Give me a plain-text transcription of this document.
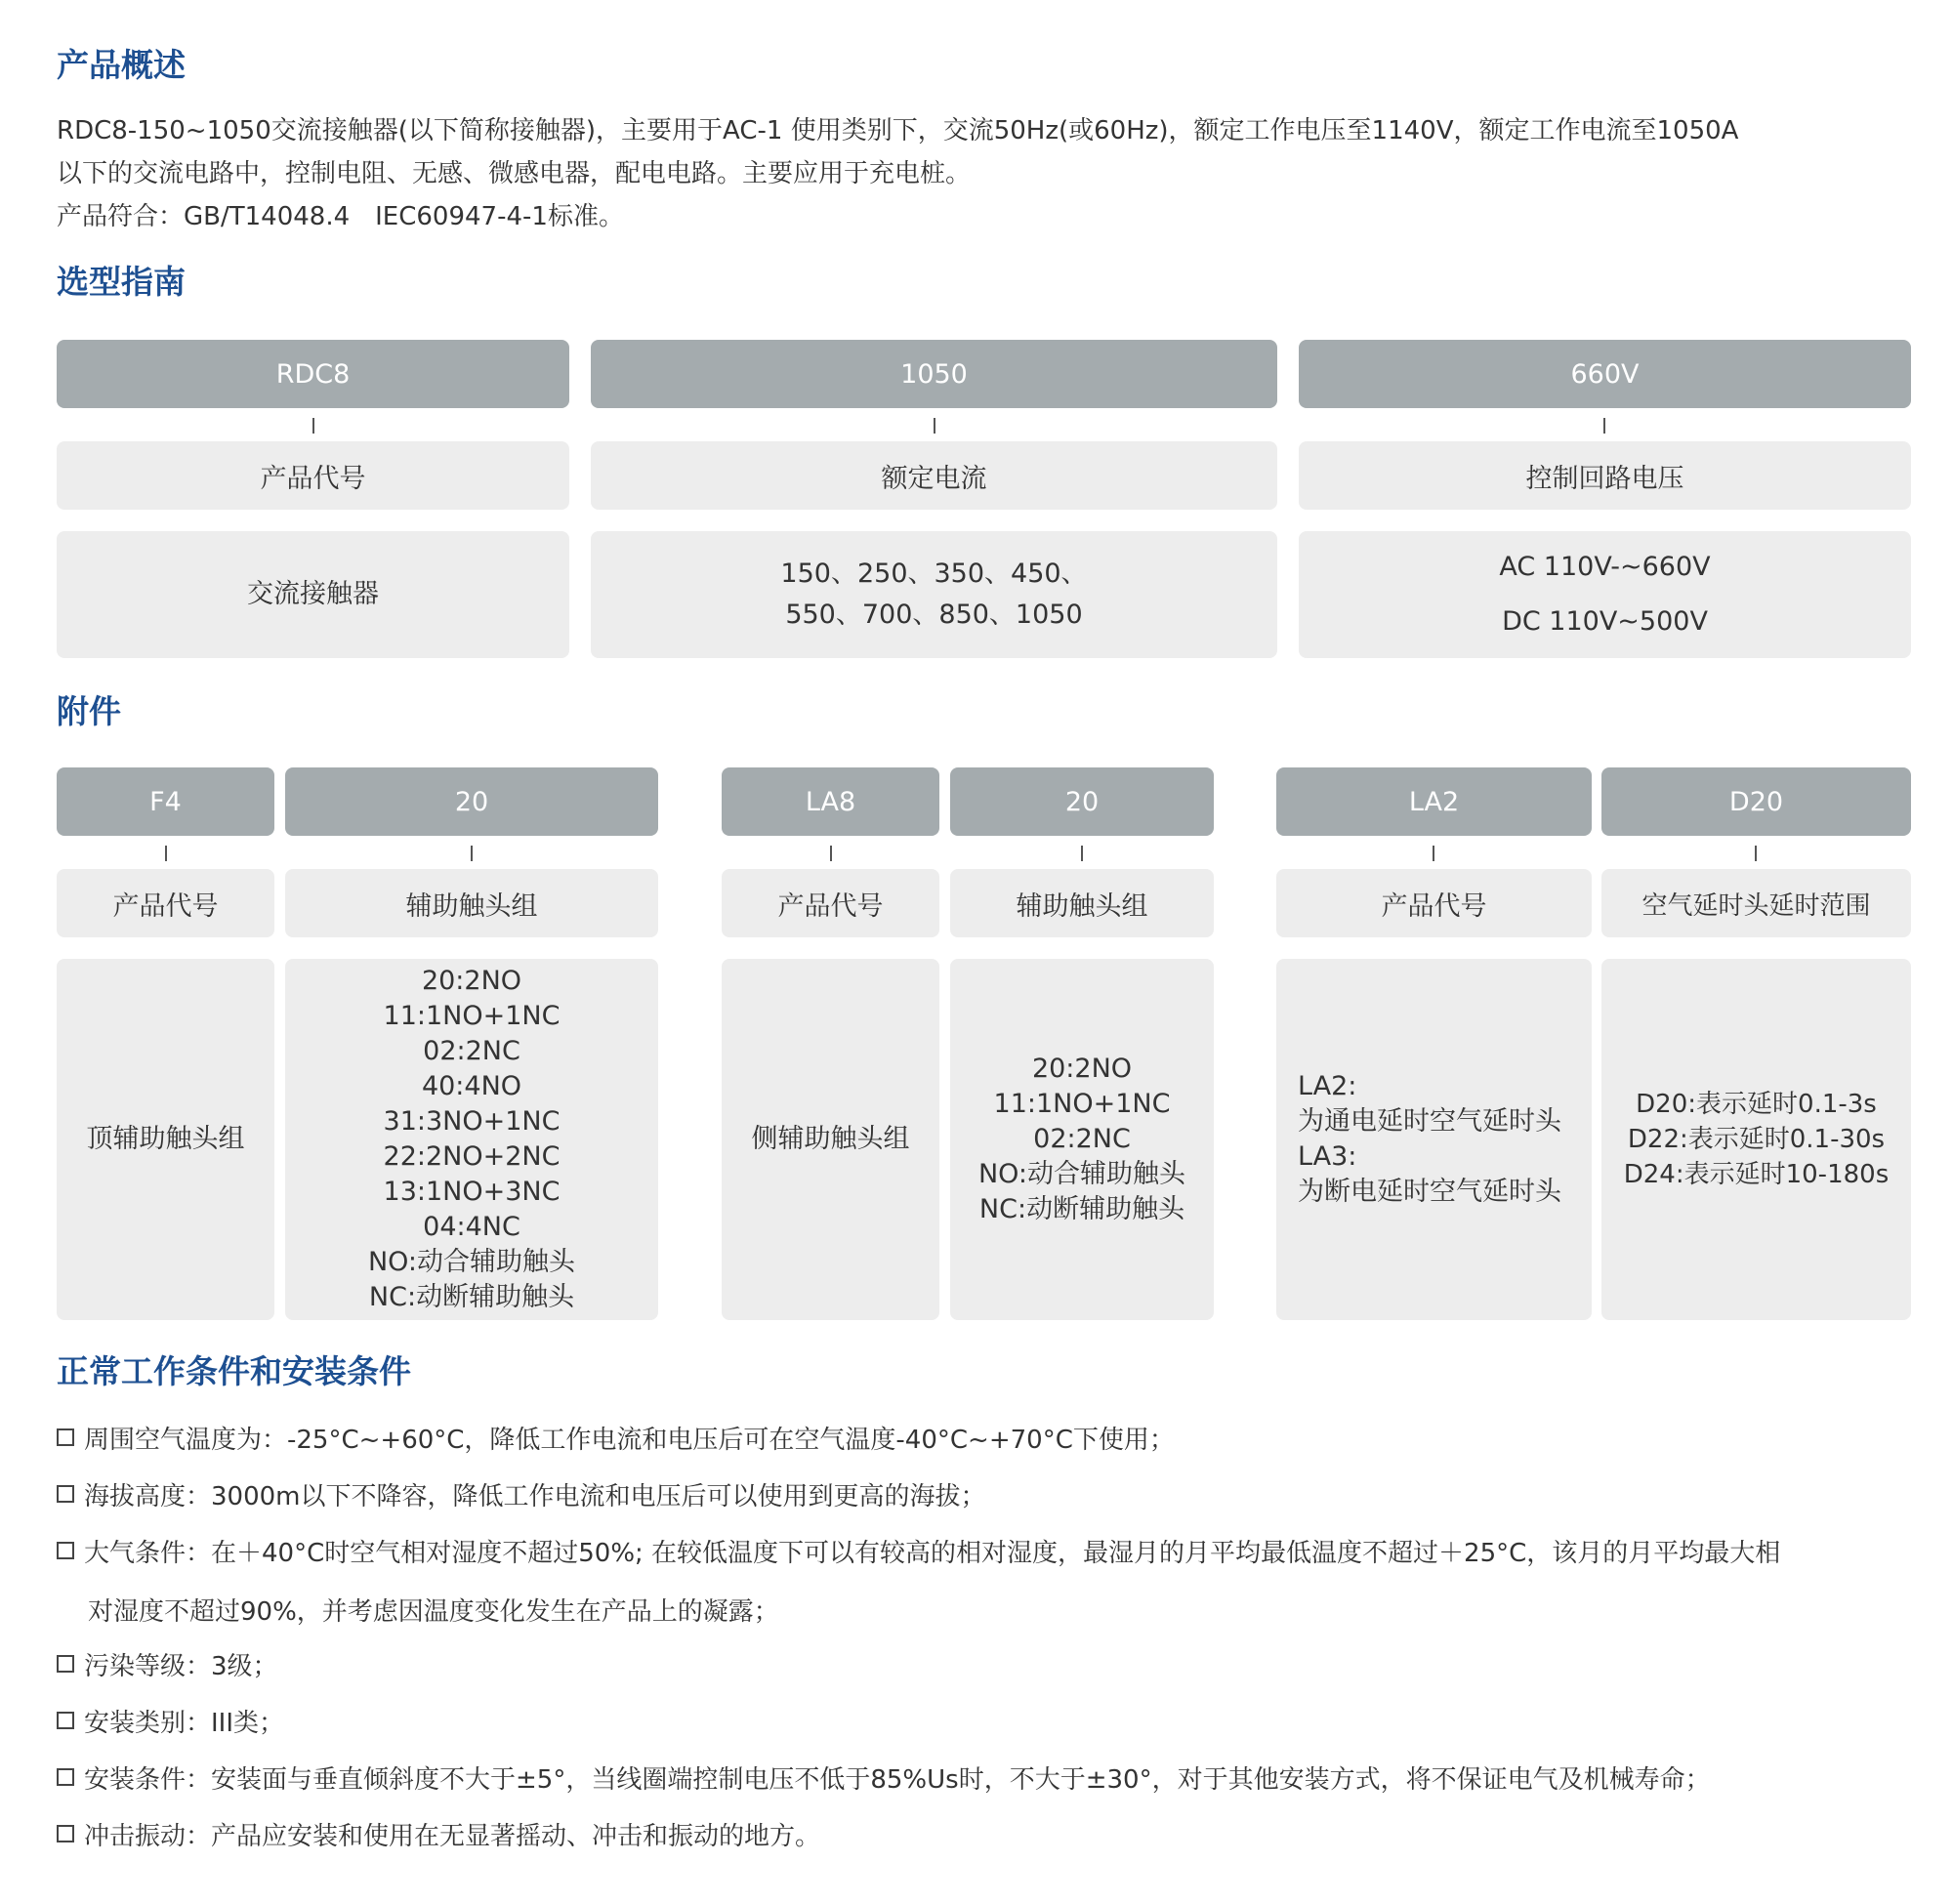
产品概述
RDC8-150~1050交流接触器(以下简称接触器)，主要用于AC-1 使用类别下，交流50Hz(或60Hz)，额定工作电压至1140V，额定工作电流至1050A
以下的交流电路中，控制电阻、无感、微感电器，配电电路。主要应用于充电桩。
产品符合：GB/T14048.4　IEC60947-4-1标准。
选型指南
RDC8
产品代号
交流接触器
1050
额定电流
150、250、350、450、
550、700、850、1050
660V
控制回路电压
AC 110V-~660V
DC 110V~500V
附件
F4
产品代号
顶辅助触头组
20
辅助触头组
20:2NO
11:1NO+1NC
02:2NC
40:4NO
31:3NO+1NC
22:2NO+2NC
13:1NO+3NC
04:4NC
NO:动合辅助触头
NC:动断辅助触头
LA8
产品代号
侧辅助触头组
20
辅助触头组
20:2NO
11:1NO+1NC
02:2NC
NO:动合辅助触头
NC:动断辅助触头
LA2
产品代号
LA2:
为通电延时空气延时头
LA3:
为断电延时空气延时头
D20
空气延时头延时范围
D20:表示延时0.1-3s
D22:表示延时0.1-30s
D24:表示延时10-180s
正常工作条件和安装条件
周围空气温度为：-25°C~+60°C，降低工作电流和电压后可在空气温度-40°C~+70°C下使用；
海拔高度：3000m以下不降容，降低工作电流和电压后可以使用到更高的海拔；
大气条件：在＋40°C时空气相对湿度不超过50%; 在较低温度下可以有较高的相对湿度，最湿月的月平均最低温度不超过＋25°C，该月的月平均最大相
对湿度不超过90%，并考虑因温度变化发生在产品上的凝露；
污染等级：3级；
安装类别：III类；
安装条件：安装面与垂直倾斜度不大于±5°，当线圈端控制电压不低于85%Us时，不大于±30°，对于其他安装方式，将不保证电气及机械寿命；
冲击振动：产品应安装和使用在无显著摇动、冲击和振动的地方。
